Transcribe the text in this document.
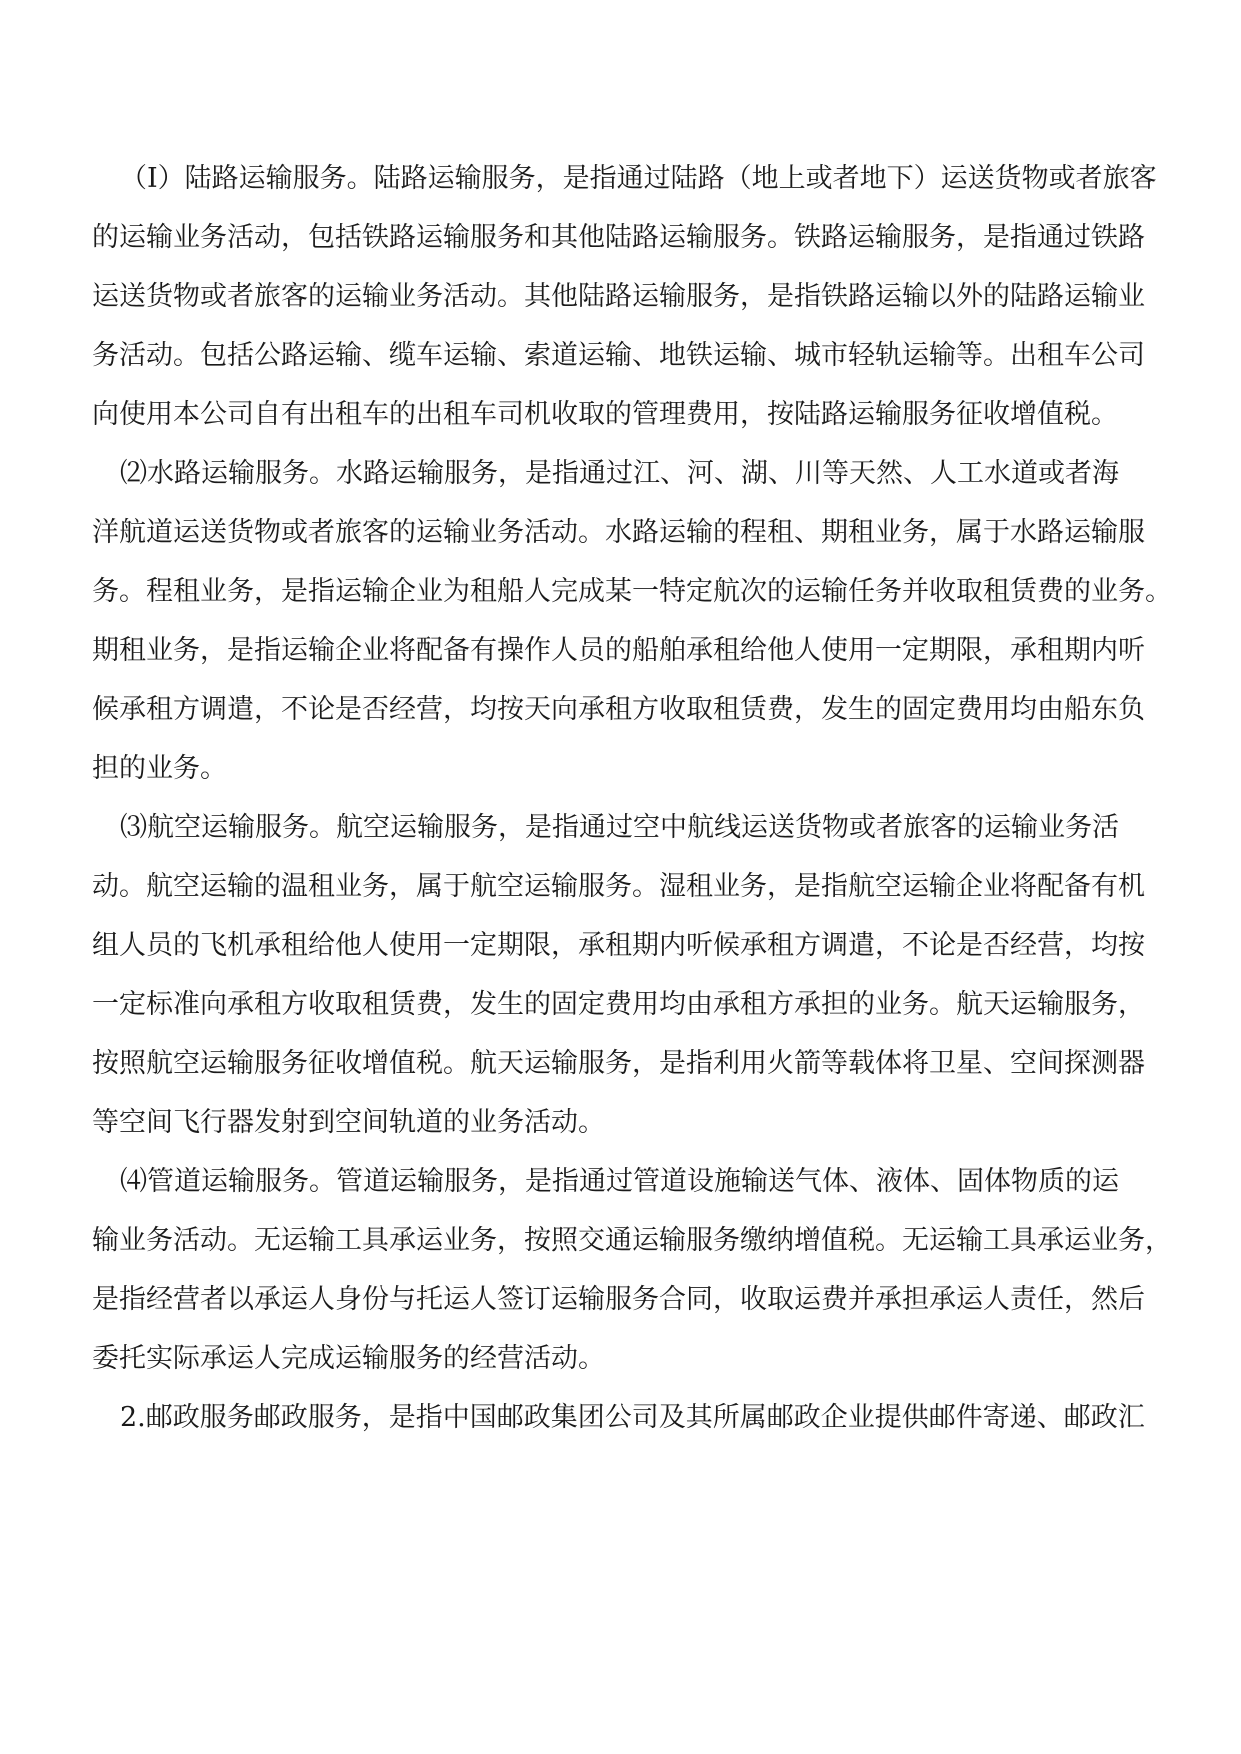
（I）陆路运输服务。陆路运输服务，是指通过陆路（地上或者地下）运送货物或者旅客
的运输业务活动，包括铁路运输服务和其他陆路运输服务。铁路运输服务，是指通过铁路
运送货物或者旅客的运输业务活动。其他陆路运输服务，是指铁路运输以外的陆路运输业
务活动。包括公路运输、缆车运输、索道运输、地铁运输、城市轻轨运输等。出租车公司
向使用本公司自有出租车的出租车司机收取的管理费用，按陆路运输服务征收增值税。
⑵水路运输服务。水路运输服务，是指通过江、河、湖、川等天然、人工水道或者海
洋航道运送货物或者旅客的运输业务活动。水路运输的程租、期租业务，属于水路运输服
务。程租业务，是指运输企业为租船人完成某一特定航次的运输任务并收取租赁费的业务。
期租业务，是指运输企业将配备有操作人员的船舶承租给他人使用一定期限，承租期内听
候承租方调遣，不论是否经营，均按天向承租方收取租赁费，发生的固定费用均由船东负
担的业务。
⑶航空运输服务。航空运输服务，是指通过空中航线运送货物或者旅客的运输业务活
动。航空运输的温租业务，属于航空运输服务。湿租业务，是指航空运输企业将配备有机
组人员的飞机承租给他人使用一定期限，承租期内听候承租方调遣，不论是否经营，均按
一定标准向承租方收取租赁费，发生的固定费用均由承租方承担的业务。航天运输服务，
按照航空运输服务征收增值税。航天运输服务，是指利用火箭等载体将卫星、空间探测器
等空间飞行器发射到空间轨道的业务活动。
⑷管道运输服务。管道运输服务，是指通过管道设施输送气体、液体、固体物质的运
输业务活动。无运输工具承运业务，按照交通运输服务缴纳增值税。无运输工具承运业务，
是指经营者以承运人身份与托运人签订运输服务合同，收取运费并承担承运人责任，然后
委托实际承运人完成运输服务的经营活动。
2.邮政服务邮政服务，是指中国邮政集团公司及其所属邮政企业提供邮件寄递、邮政汇
